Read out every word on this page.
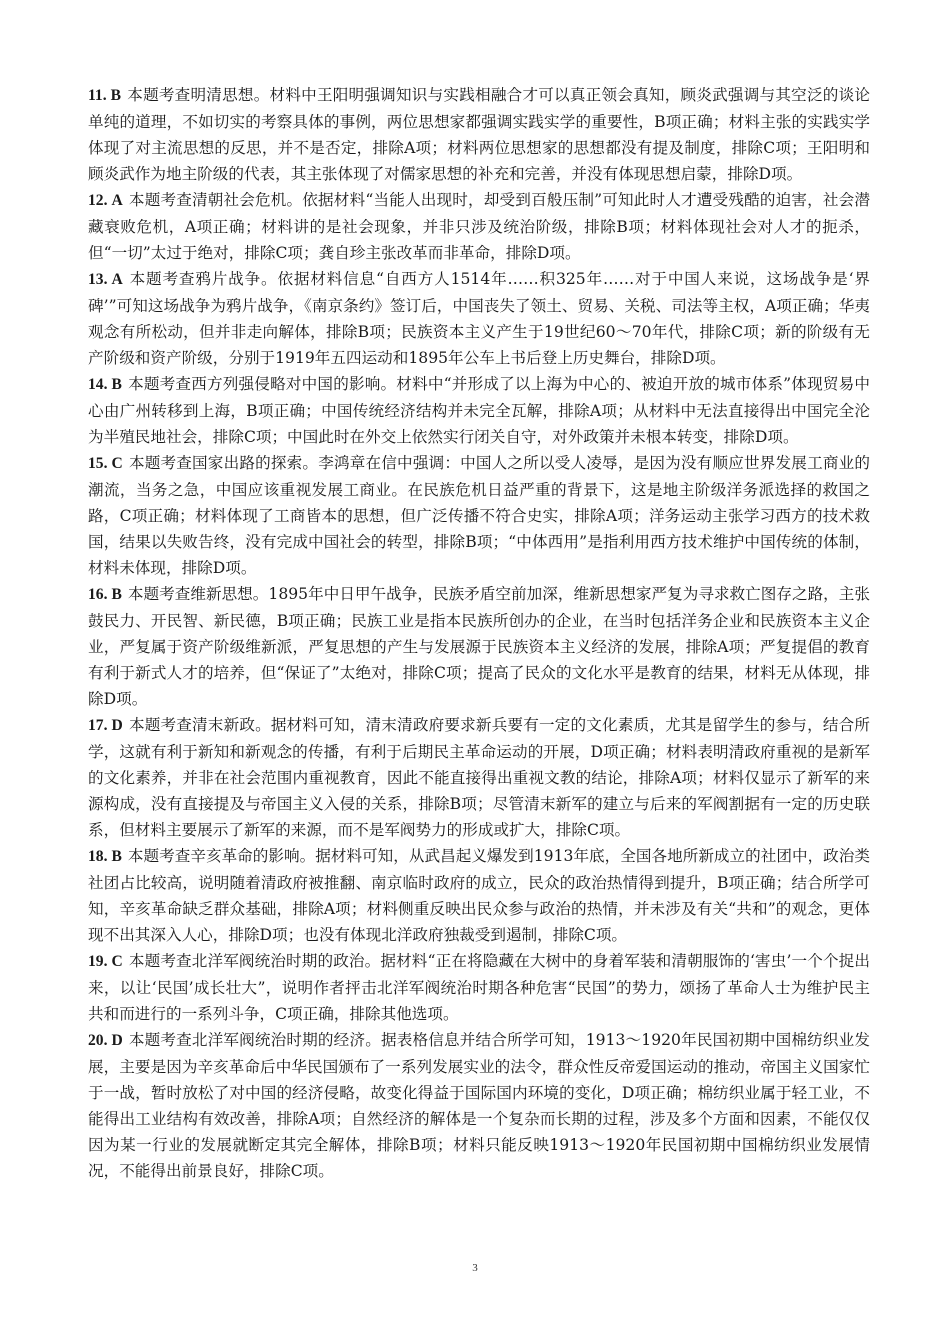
11. B 本题考查明清思想。材料中王阳明强调知识与实践相融合才可以真正领会真知，顾炎武强调与其空泛的谈论单纯的道理，不如切实的考察具体的事例，两位思想家都强调实践实学的重要性，B项正确；材料主张的实践实学体现了对主流思想的反思，并不是否定，排除A项；材料两位思想家的思想都没有提及制度，排除C项；王阳明和顾炎武作为地主阶级的代表，其主张体现了对儒家思想的补充和完善，并没有体现思想启蒙，排除D项。

12. A 本题考查清朝社会危机。依据材料“当能人出现时，却受到百般压制”可知此时人才遭受残酷的迫害，社会潜藏衰败危机，A项正确；材料讲的是社会现象，并非只涉及统治阶级，排除B项；材料体现社会对人才的扼杀，但“一切”太过于绝对，排除C项；龚自珍主张改革而非革命，排除D项。

13. A 本题考查鸦片战争。依据材料信息“自西方人1514年……积325年……对于中国人来说，这场战争是‘界碑’”可知这场战争为鸦片战争，《南京条约》签订后，中国丧失了领土、贸易、关税、司法等主权，A项正确；华夷观念有所松动，但并非走向解体，排除B项；民族资本主义产生于19世纪60～70年代，排除C项；新的阶级有无产阶级和资产阶级，分别于1919年五四运动和1895年公车上书后登上历史舞台，排除D项。

14. B 本题考查西方列强侵略对中国的影响。材料中“并形成了以上海为中心的、被迫开放的城市体系”体现贸易中心由广州转移到上海，B项正确；中国传统经济结构并未完全瓦解，排除A项；从材料中无法直接得出中国完全沦为半殖民地社会，排除C项；中国此时在外交上依然实行闭关自守，对外政策并未根本转变，排除D项。

15. C 本题考查国家出路的探索。李鸿章在信中强调：中国人之所以受人凌辱，是因为没有顺应世界发展工商业的潮流，当务之急，中国应该重视发展工商业。在民族危机日益严重的背景下，这是地主阶级洋务派选择的救国之路，C项正确；材料体现了工商皆本的思想，但广泛传播不符合史实，排除A项；洋务运动主张学习西方的技术救国，结果以失败告终，没有完成中国社会的转型，排除B项；“中体西用”是指利用西方技术维护中国传统的体制，材料未体现，排除D项。

16. B 本题考查维新思想。1895年中日甲午战争，民族矛盾空前加深，维新思想家严复为寻求救亡图存之路，主张鼓民力、开民智、新民德，B项正确；民族工业是指本民族所创办的企业，在当时包括洋务企业和民族资本主义企业，严复属于资产阶级维新派，严复思想的产生与发展源于民族资本主义经济的发展，排除A项；严复提倡的教育有利于新式人才的培养，但“保证了”太绝对，排除C项；提高了民众的文化水平是教育的结果，材料无从体现，排除D项。

17. D 本题考查清末新政。据材料可知，清末清政府要求新兵要有一定的文化素质，尤其是留学生的参与，结合所学，这就有利于新知和新观念的传播，有利于后期民主革命运动的开展，D项正确；材料表明清政府重视的是新军的文化素养，并非在社会范围内重视教育，因此不能直接得出重视文教的结论，排除A项；材料仅显示了新军的来源构成，没有直接提及与帝国主义入侵的关系，排除B项；尽管清末新军的建立与后来的军阀割据有一定的历史联系，但材料主要展示了新军的来源，而不是军阀势力的形成或扩大，排除C项。

18. B 本题考查辛亥革命的影响。据材料可知，从武昌起义爆发到1913年底，全国各地所新成立的社团中，政治类社团占比较高，说明随着清政府被推翻、南京临时政府的成立，民众的政治热情得到提升，B项正确；结合所学可知，辛亥革命缺乏群众基础，排除A项；材料侧重反映出民众参与政治的热情，并未涉及有关“共和”的观念，更体现不出其深入人心，排除D项；也没有体现北洋政府独裁受到遏制，排除C项。

19. C 本题考查北洋军阀统治时期的政治。据材料“正在将隐藏在大树中的身着军装和清朝服饰的‘害虫’一个个捉出来，以让‘民国’成长壮大”，说明作者抨击北洋军阀统治时期各种危害“民国”的势力，颂扬了革命人士为维护民主共和而进行的一系列斗争，C项正确，排除其他选项。

20. D 本题考查北洋军阀统治时期的经济。据表格信息并结合所学可知，1913～1920年民国初期中国棉纺织业发展，主要是因为辛亥革命后中华民国颁布了一系列发展实业的法令，群众性反帝爱国运动的推动，帝国主义国家忙于一战，暂时放松了对中国的经济侵略，故变化得益于国际国内环境的变化，D项正确；棉纺织业属于轻工业，不能得出工业结构有效改善，排除A项；自然经济的解体是一个复杂而长期的过程，涉及多个方面和因素，不能仅仅因为某一行业的发展就断定其完全解体，排除B项；材料只能反映1913～1920年民国初期中国棉纺织业发展情况，不能得出前景良好，排除C项。

3
